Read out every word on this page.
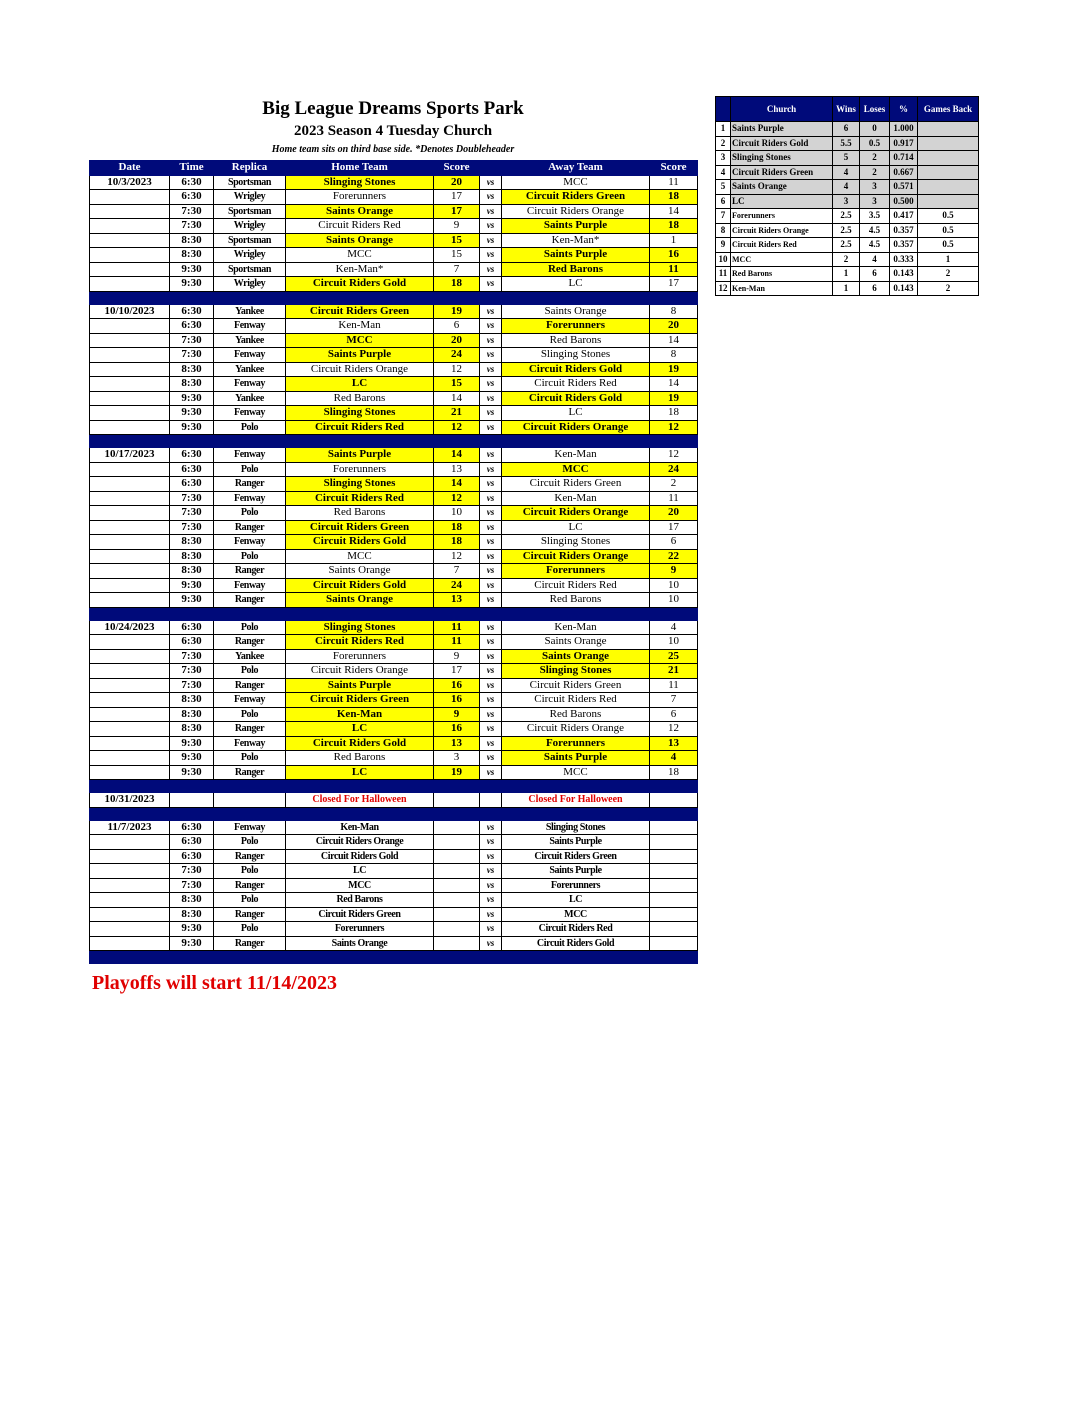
Big League Dreams Sports Park
2023 Season 4 Tuesday Church
Home team sits on third base side. *Denotes Doubleheader
Date	Time	Replica	Home Team	Score		Away Team	Score
10/3/2023	6:30	Sportsman	Slinging Stones	20	vs	MCC	11
	6:30	Wrigley	Forerunners	17	vs	Circuit Riders Green	18
	7:30	Sportsman	Saints Orange	17	vs	Circuit Riders Orange	14
	7:30	Wrigley	Circuit Riders Red	9	vs	Saints Purple	18
	8:30	Sportsman	Saints Orange	15	vs	Ken-Man*	1
	8:30	Wrigley	MCC	15	vs	Saints Purple	16
	9:30	Sportsman	Ken-Man*	7	vs	Red Barons	11
	9:30	Wrigley	Circuit Riders Gold	18	vs	LC	17

10/10/2023	6:30	Yankee	Circuit Riders Green	19	vs	Saints Orange	8
	6:30	Fenway	Ken-Man	6	vs	Forerunners	20
	7:30	Yankee	MCC	20	vs	Red Barons	14
	7:30	Fenway	Saints Purple	24	vs	Slinging Stones	8
	8:30	Yankee	Circuit Riders Orange	12	vs	Circuit Riders Gold	19
	8:30	Fenway	LC	15	vs	Circuit Riders Red	14
	9:30	Yankee	Red Barons	14	vs	Circuit Riders Gold	19
	9:30	Fenway	Slinging Stones	21	vs	LC	18
	9:30	Polo	Circuit Riders Red	12	vs	Circuit Riders Orange	12

10/17/2023	6:30	Fenway	Saints Purple	14	vs	Ken-Man	12
	6:30	Polo	Forerunners	13	vs	MCC	24
	6:30	Ranger	Slinging Stones	14	vs	Circuit Riders Green	2
	7:30	Fenway	Circuit Riders Red	12	vs	Ken-Man	11
	7:30	Polo	Red Barons	10	vs	Circuit Riders Orange	20
	7:30	Ranger	Circuit Riders Green	18	vs	LC	17
	8:30	Fenway	Circuit Riders Gold	18	vs	Slinging Stones	6
	8:30	Polo	MCC	12	vs	Circuit Riders Orange	22
	8:30	Ranger	Saints Orange	7	vs	Forerunners	9
	9:30	Fenway	Circuit Riders Gold	24	vs	Circuit Riders Red	10
	9:30	Ranger	Saints Orange	13	vs	Red Barons	10

10/24/2023	6:30	Polo	Slinging Stones	11	vs	Ken-Man	4
	6:30	Ranger	Circuit Riders Red	11	vs	Saints Orange	10
	7:30	Yankee	Forerunners	9	vs	Saints Orange	25
	7:30	Polo	Circuit Riders Orange	17	vs	Slinging Stones	21
	7:30	Ranger	Saints Purple	16	vs	Circuit Riders Green	11
	8:30	Fenway	Circuit Riders Green	16	vs	Circuit Riders Red	7
	8:30	Polo	Ken-Man	9	vs	Red Barons	6
	8:30	Ranger	LC	16	vs	Circuit Riders Orange	12
	9:30	Fenway	Circuit Riders Gold	13	vs	Forerunners	13
	9:30	Polo	Red Barons	3	vs	Saints Purple	4
	9:30	Ranger	LC	19	vs	MCC	18

10/31/2023			Closed For Halloween			Closed For Halloween	

11/7/2023	6:30	Fenway	Ken-Man		vs	Slinging Stones	
	6:30	Polo	Circuit Riders Orange		vs	Saints Purple	
	6:30	Ranger	Circuit Riders Gold		vs	Circuit Riders Green	
	7:30	Polo	LC		vs	Saints Purple	
	7:30	Ranger	MCC		vs	Forerunners	
	8:30	Polo	Red Barons		vs	LC	
	8:30	Ranger	Circuit Riders Green		vs	MCC	
	9:30	Polo	Forerunners		vs	Circuit Riders Red	
	9:30	Ranger	Saints Orange		vs	Circuit Riders Gold	

	Church	Wins	Loses	%	Games Back
1	Saints Purple	6	0	1.000	
2	Circuit Riders Gold	5.5	0.5	0.917	
3	Slinging Stones	5	2	0.714	
4	Circuit Riders Green	4	2	0.667	
5	Saints Orange	4	3	0.571	
6	LC	3	3	0.500	
7	Forerunners	2.5	3.5	0.417	0.5
8	Circuit Riders Orange	2.5	4.5	0.357	0.5
9	Circuit Riders Red	2.5	4.5	0.357	0.5
10	MCC	2	4	0.333	1
11	Red Barons	1	6	0.143	2
12	Ken-Man	1	6	0.143	2
Playoffs will start 11/14/2023
